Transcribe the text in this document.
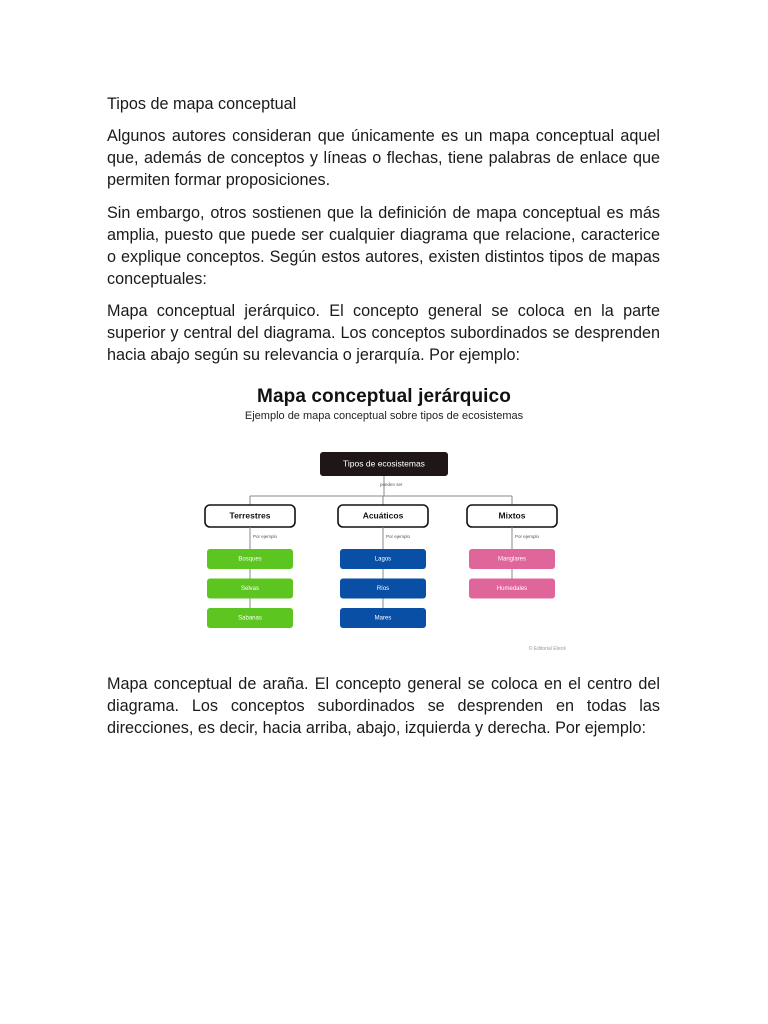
Tipos de mapa conceptual
Algunos autores consideran que únicamente es un mapa conceptual aquel que, además de conceptos y líneas o flechas, tiene palabras de enlace que permiten formar proposiciones.
Sin embargo, otros sostienen que la definición de mapa conceptual es más amplia, puesto que puede ser cualquier diagrama que relacione, caracterice o explique conceptos. Según estos autores, existen distintos tipos de mapas conceptuales:
Mapa conceptual jerárquico. El concepto general se coloca en la parte superior y central del diagrama. Los conceptos subordinados se desprenden hacia abajo según su relevancia o jerarquía. Por ejemplo:
Tipos de ecosistemas
pueden ser
Terrestres
Por ejemplo
Bosques
Selvas
Sabanas
Acuáticos
Por ejemplo
Lagos
Ríos
Mares
Mixtos
Por ejemplo
Manglares
Humedales
Mapa conceptual jerárquico
Ejemplo de mapa conceptual sobre tipos de ecosistemas
© Editorial Etecé
Mapa conceptual de araña. El concepto general se coloca en el centro del diagrama. Los conceptos subordinados se desprenden en todas las direcciones, es decir, hacia arriba, abajo, izquierda y derecha. Por ejemplo:
